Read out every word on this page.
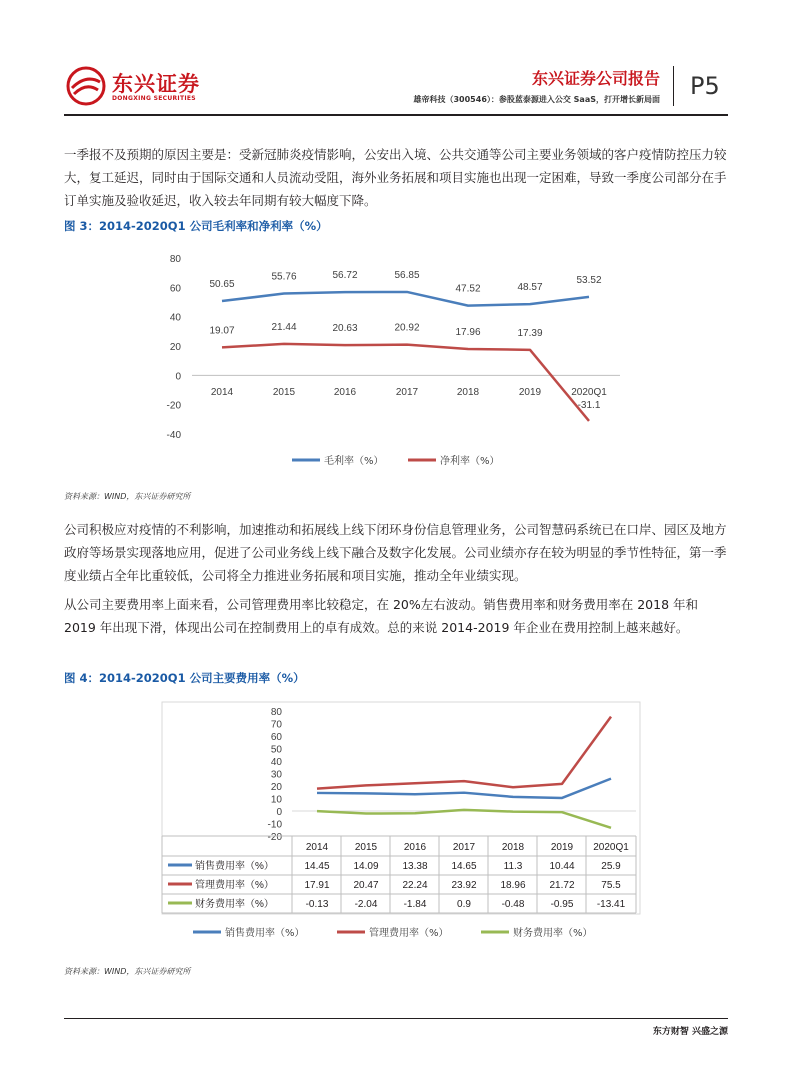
东兴证券
DONGXING SECURITIES
东兴证券公司报告
雄帝科技（300546）：参股蓝泰源进入公交 SaaS，打开增长新局面 P5

一季报不及预期的原因主要是：受新冠肺炎疫情影响，公安出入境、公共交通等公司主要业务领域的客户疫情防控压力较大，复工延迟，同时由于国际交通和人员流动受阻，海外业务拓展和项目实施也出现一定困难，导致一季度公司部分在手订单实施及验收延迟，收入较去年同期有较大幅度下降。

图 3：2014-2020Q1 公司毛利率和净利率（%）
资料来源：WIND，东兴证券研究所

公司积极应对疫情的不利影响，加速推动和拓展线上线下闭环身份信息管理业务，公司智慧码系统已在口岸、园区及地方政府等场景实现落地应用，促进了公司业务线上线下融合及数字化发展。公司业绩亦存在较为明显的季节性特征，第一季度业绩占全年比重较低，公司将全力推进业务拓展和项目实施，推动全年业绩实现。

从公司主要费用率上面来看，公司管理费用率比较稳定，在 20%左右波动。销售费用率和财务费用率在 2018 年和 2019 年出现下滑，体现出公司在控制费用上的卓有成效。总的来说 2014-2019 年企业在费用控制上越来越好。

图 4：2014-2020Q1 公司主要费用率（%）
资料来源：WIND，东兴证券研究所
-40
-20
0
20
40
60
80
2014	2015	2016	2017	2018	2019	2020Q1
50.65
55.76	56.72	56.85
47.52	48.57
53.52
19.07	21.44	20.63	20.92	17.96	17.39
-31.1
毛利率（%）	净利率（%）
-20
-10
0
10
20
30
40
50
60
70
80
2014	2015	2016	2017	2018	2019 2020Q1
销售费用率（%）	14.45 14.09 13.38 14.65	11.3	10.44	25.9
管理费用率（%）	17.91 20.47 22.24 23.92 18.96 21.72	75.5
财务费用率（%）	-0.13	-2.04	-1.84	0.9	-0.48	-0.95 -13.41
销售费用率（%）	管理费用率（%）	财务费用率（%）
东方财智 兴盛之源
